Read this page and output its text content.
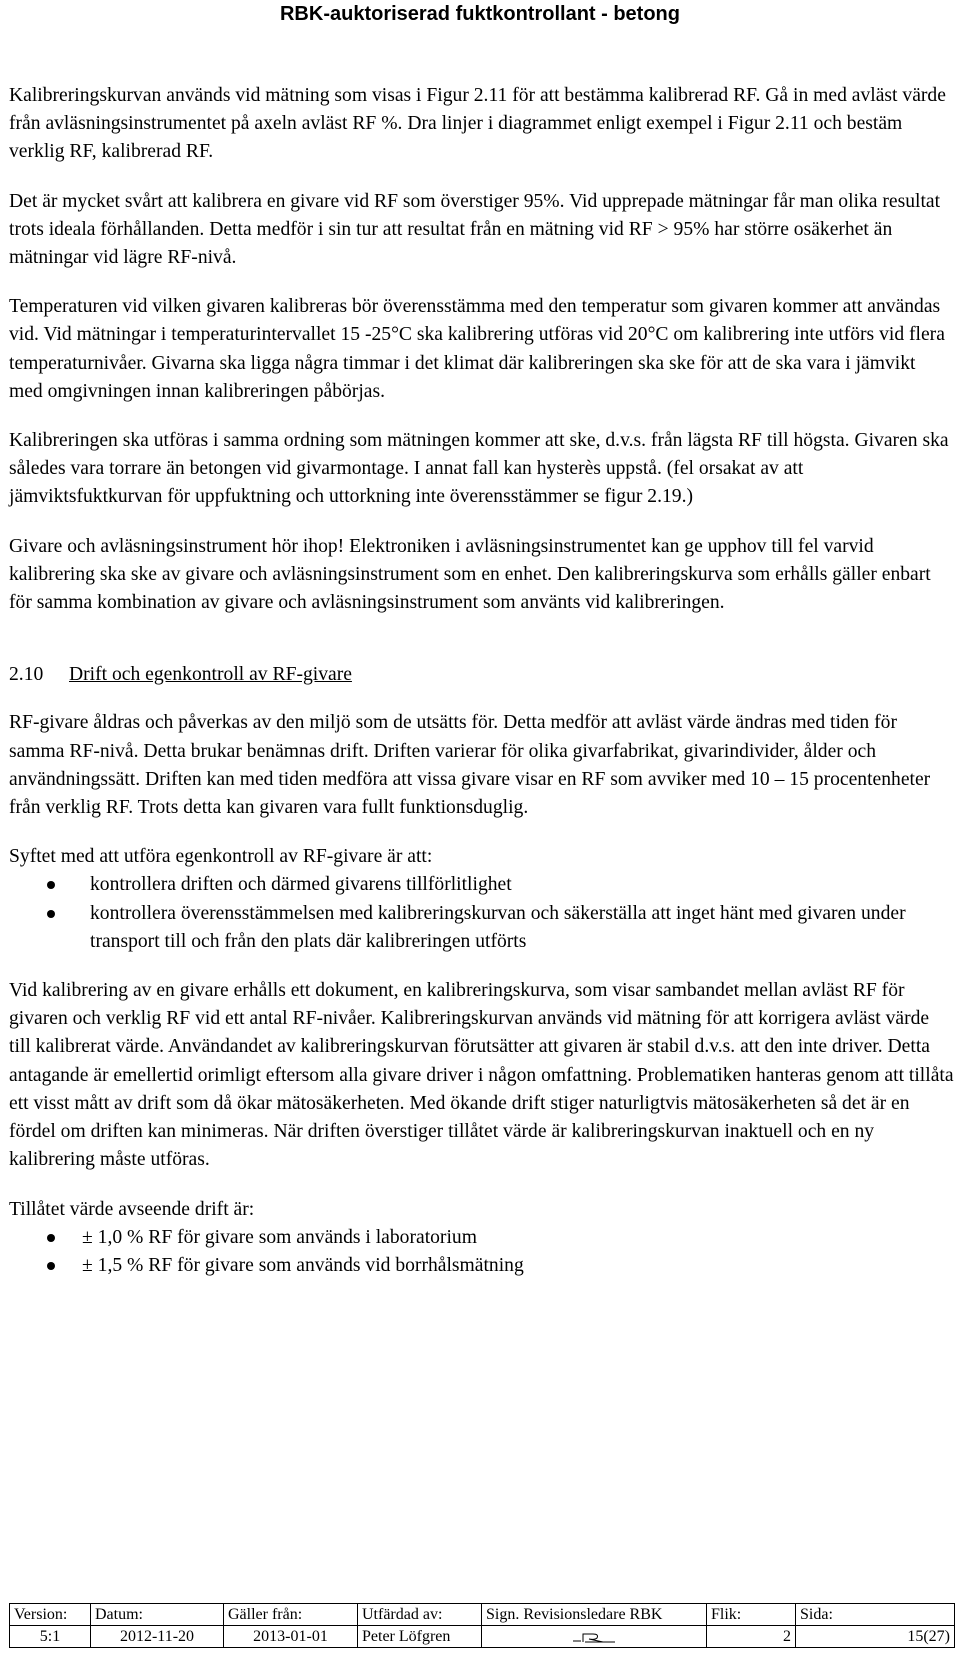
RBK-auktoriserad fuktkontrollant - betong

Kalibreringskurvan används vid mätning som visas i Figur 2.11 för att bestämma kalibrerad RF. Gå in med avläst värde från avläsningsinstrumentet på axeln avläst RF %. Dra linjer i diagrammet enligt exempel i Figur 2.11 och bestäm verklig RF, kalibrerad RF.

Det är mycket svårt att kalibrera en givare vid RF som överstiger 95%. Vid upprepade mätningar får man olika resultat trots ideala förhållanden. Detta medför i sin tur att resultat från en mätning vid RF > 95% har större osäkerhet än mätningar vid lägre RF-nivå.

Temperaturen vid vilken givaren kalibreras bör överensstämma med den temperatur som givaren kommer att användas vid. Vid mätningar i temperaturintervallet 15 -25°C ska kalibrering utföras vid 20°C om kalibrering inte utförs vid flera temperaturnivåer. Givarna ska ligga några timmar i det klimat där kalibreringen ska ske för att de ska vara i jämvikt med omgivningen innan kalibreringen påbörjas.

Kalibreringen ska utföras i samma ordning som mätningen kommer att ske, d.v.s. från lägsta RF till högsta. Givaren ska således vara torrare än betongen vid givarmontage. I annat fall kan hysterès uppstå. (fel orsakat av att jämviktsfuktkurvan för uppfuktning och uttorkning inte överensstämmer se figur 2.19.)

Givare och avläsningsinstrument hör ihop! Elektroniken i avläsningsinstrumentet kan ge upphov till fel varvid kalibrering ska ske av givare och avläsningsinstrument som en enhet. Den kalibreringskurva som erhålls gäller enbart för samma kombination av givare och avläsningsinstrument som använts vid kalibreringen.

2.10 Drift och egenkontroll av RF-givare

RF-givare åldras och påverkas av den miljö som de utsätts för. Detta medför att avläst värde ändras med tiden för samma RF-nivå. Detta brukar benämnas drift. Driften varierar för olika givarfabrikat, givarindivider, ålder och användningssätt. Driften kan med tiden medföra att vissa givare visar en RF som avviker med 10 – 15 procentenheter från verklig RF. Trots detta kan givaren vara fullt funktionsduglig.

Syftet med att utföra egenkontroll av RF-givare är att:

kontrollera driften och därmed givarens tillförlitlighet
kontrollera överensstämmelsen med kalibreringskurvan och säkerställa att inget hänt med givaren under transport till och från den plats där kalibreringen utförts

Vid kalibrering av en givare erhålls ett dokument, en kalibreringskurva, som visar sambandet mellan avläst RF för givaren och verklig RF vid ett antal RF-nivåer. Kalibreringskurvan används vid mätning för att korrigera avläst värde till kalibrerat värde. Användandet av kalibreringskurvan förutsätter att givaren är stabil d.v.s. att den inte driver. Detta antagande är emellertid orimligt eftersom alla givare driver i någon omfattning. Problematiken hanteras genom att tillåta ett visst mått av drift som då ökar mätosäkerheten. Med ökande drift stiger naturligtvis mätosäkerheten så det är en fördel om driften kan minimeras. När driften överstiger tillåtet värde är kalibreringskurvan inaktuell och en ny kalibrering måste utföras.

Tillåtet värde avseende drift är:

± 1,0 % RF för givare som används i laboratorium
± 1,5 % RF för givare som används vid borrhålsmätning
Version:	Datum:	Gäller från:	Utfärdad av:	Sign. Revisionsledare RBK	Flik:	Sida:
5:1	2012-11-20	2013-01-01	Peter Löfgren		2	15(27)
